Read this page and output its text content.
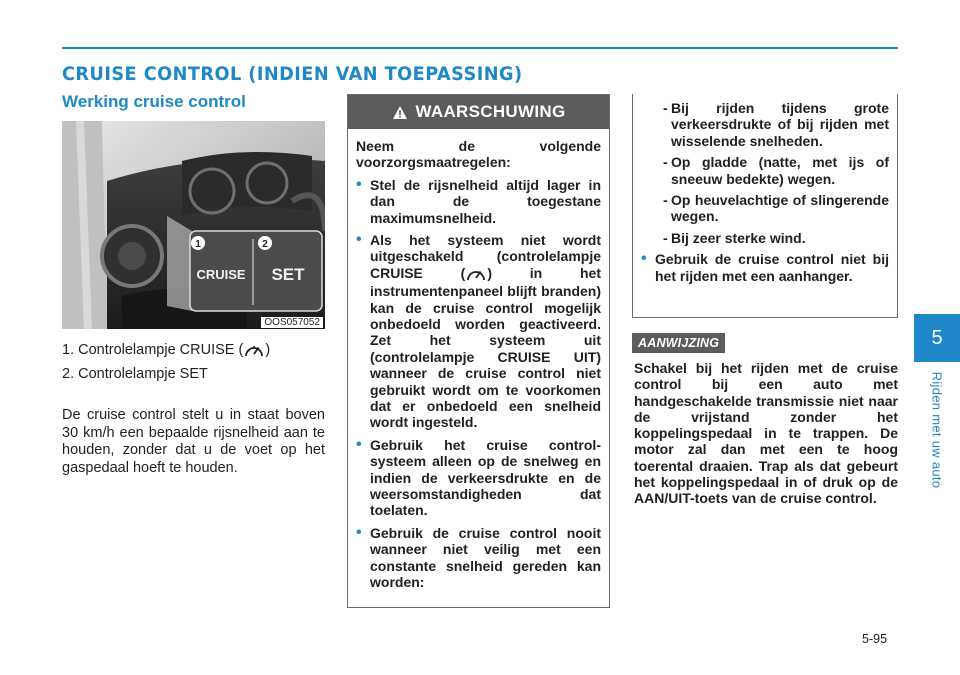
CRUISE CONTROL (INDIEN VAN TOEPASSING)
Werking cruise control
1	2
CRUISE SET
OOS057052

1. Controlelampje CRUISE ( )

2. Controlelampje SET

De cruise control stelt u in staat boven 30 km/h een bepaalde rijsnelheid aan te houden, zonder dat u de voet op het gaspedaal hoeft te houden.

WAARSCHUWING

Neem de volgende voorzorgsmaatregelen:

• Stel de rijsnelheid altijd lager in dan de toegestane maximumsnelheid.

• Als het systeem niet wordt uitgeschakeld (controlelampje CRUISE ( ) in het instrumentenpaneel blijft branden) kan de cruise control mogelijk onbedoeld worden geactiveerd. Zet het systeem uit (controlelampje CRUISE UIT) wanneer de cruise control niet gebruikt wordt om te voorkomen dat er onbedoeld een snelheid wordt ingesteld.

• Gebruik het cruise control-systeem alleen op de snelweg en indien de verkeersdrukte en de weersomstandigheden dat toelaten.

• Gebruik de cruise control nooit wanneer niet veilig met een constante snelheid gereden kan worden:

- Bij rijden tijdens grote verkeersdrukte of bij rijden met wisselende snelheden.

- Op gladde (natte, met ijs of sneeuw bedekte) wegen.

- Op heuvelachtige of slingerende wegen.

- Bij zeer sterke wind.

• Gebruik de cruise control niet bij het rijden met een aanhanger.

AANWIJZING

Schakel bij het rijden met de cruise control bij een auto met handgeschakelde transmissie niet naar de vrijstand zonder het koppelingspedaal in te trappen. De motor zal dan met een te hoog toerental draaien. Trap als dat gebeurt het koppelingspedaal in of druk op de AAN/UIT-toets van de cruise control.

5
Rijden met uw auto
5-95
